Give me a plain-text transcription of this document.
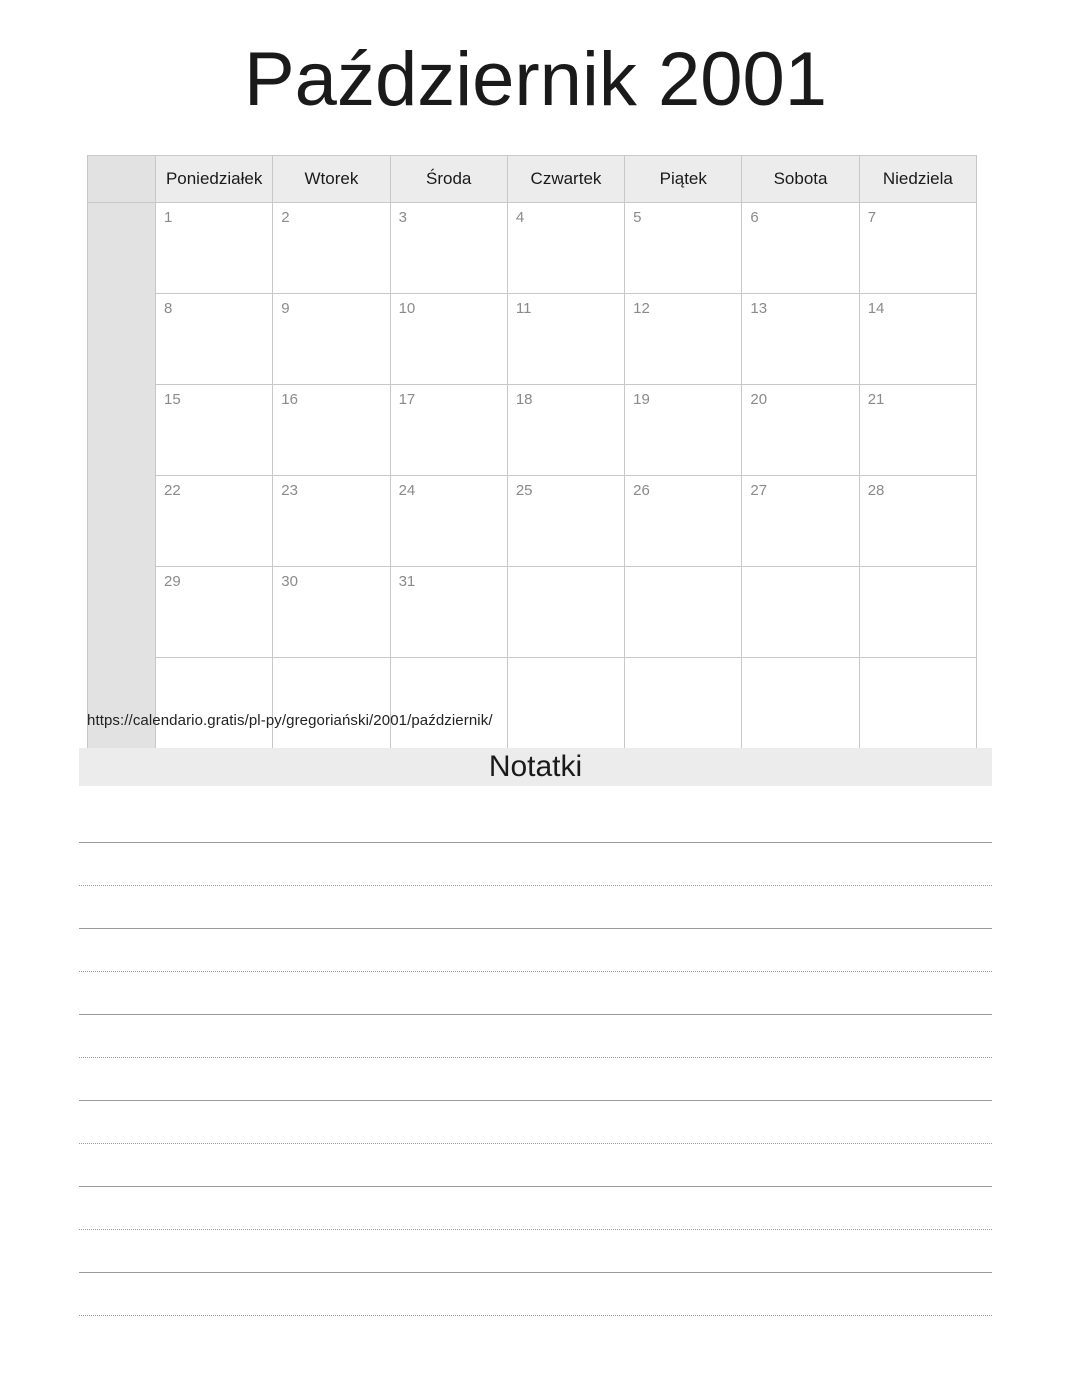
Październik 2001
	Poniedziałek	Wtorek	Środa	Czwartek	Piątek	Sobota	Niedziela
	1	2	3	4	5	6	7
	8	9	10	11	12	13	14
	15	16	17	18	19	20	21
	22	23	24	25	26	27	28
	29	30	31				

https://calendario.gratis/pl-py/gregoriański/2001/październik/
Notatki
